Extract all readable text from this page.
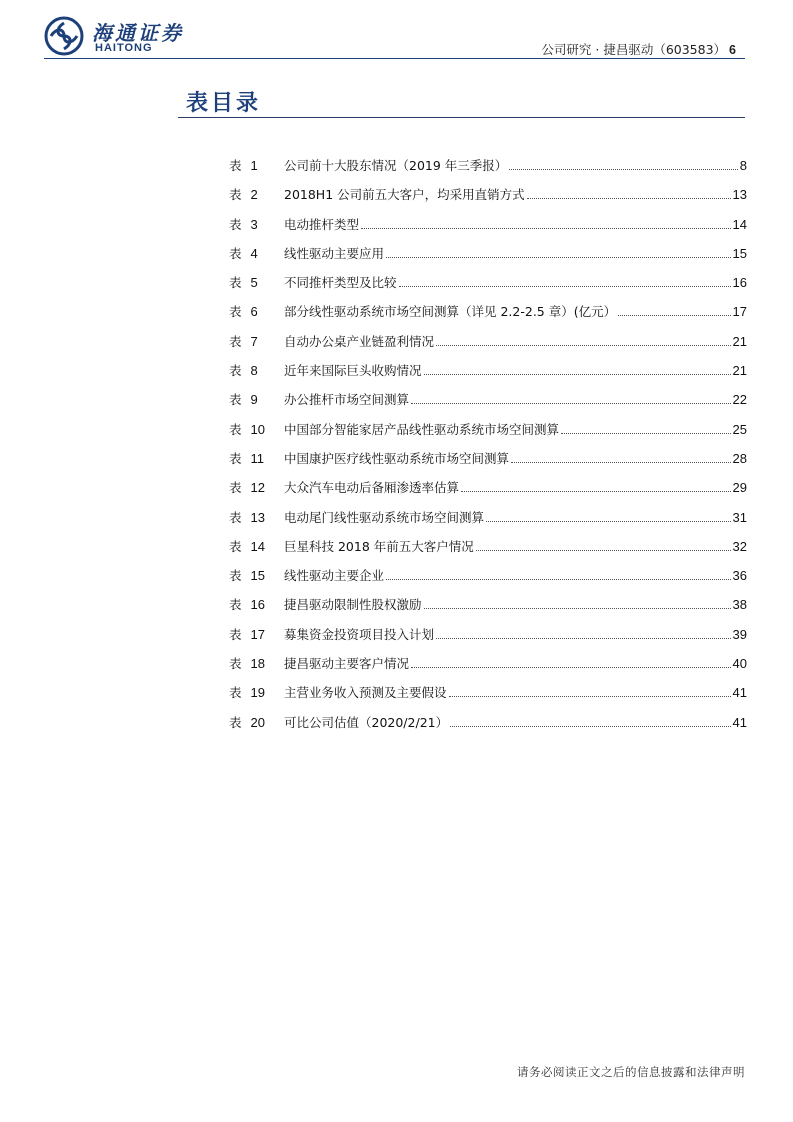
海通证券
HAITONG	公司研究 · 捷昌驱动（603583） 6
表目录
表 1	公司前十大股东情况（2019 年三季报）	8
表 2	2018H1 公司前五大客户，均采用直销方式	13
表 3	电动推杆类型	14
表 4	线性驱动主要应用	15
表 5	不同推杆类型及比较	16
表 6	部分线性驱动系统市场空间测算（详见 2.2-2.5 章）(亿元）	17
表 7	自动办公桌产业链盈利情况	21
表 8	近年来国际巨头收购情况	21
表 9	办公推杆市场空间测算	22
表 10	中国部分智能家居产品线性驱动系统市场空间测算	25
表 11	中国康护医疗线性驱动系统市场空间测算	28
表 12	大众汽车电动后备厢渗透率估算	29
表 13	电动尾门线性驱动系统市场空间测算	31
表 14	巨星科技 2018 年前五大客户情况	32
表 15	线性驱动主要企业	36
表 16	捷昌驱动限制性股权激励	38
表 17	募集资金投资项目投入计划	39
表 18	捷昌驱动主要客户情况	40
表 19	主营业务收入预测及主要假设	41
表 20	可比公司估值（2020/2/21）	41
请务必阅读正文之后的信息披露和法律声明
